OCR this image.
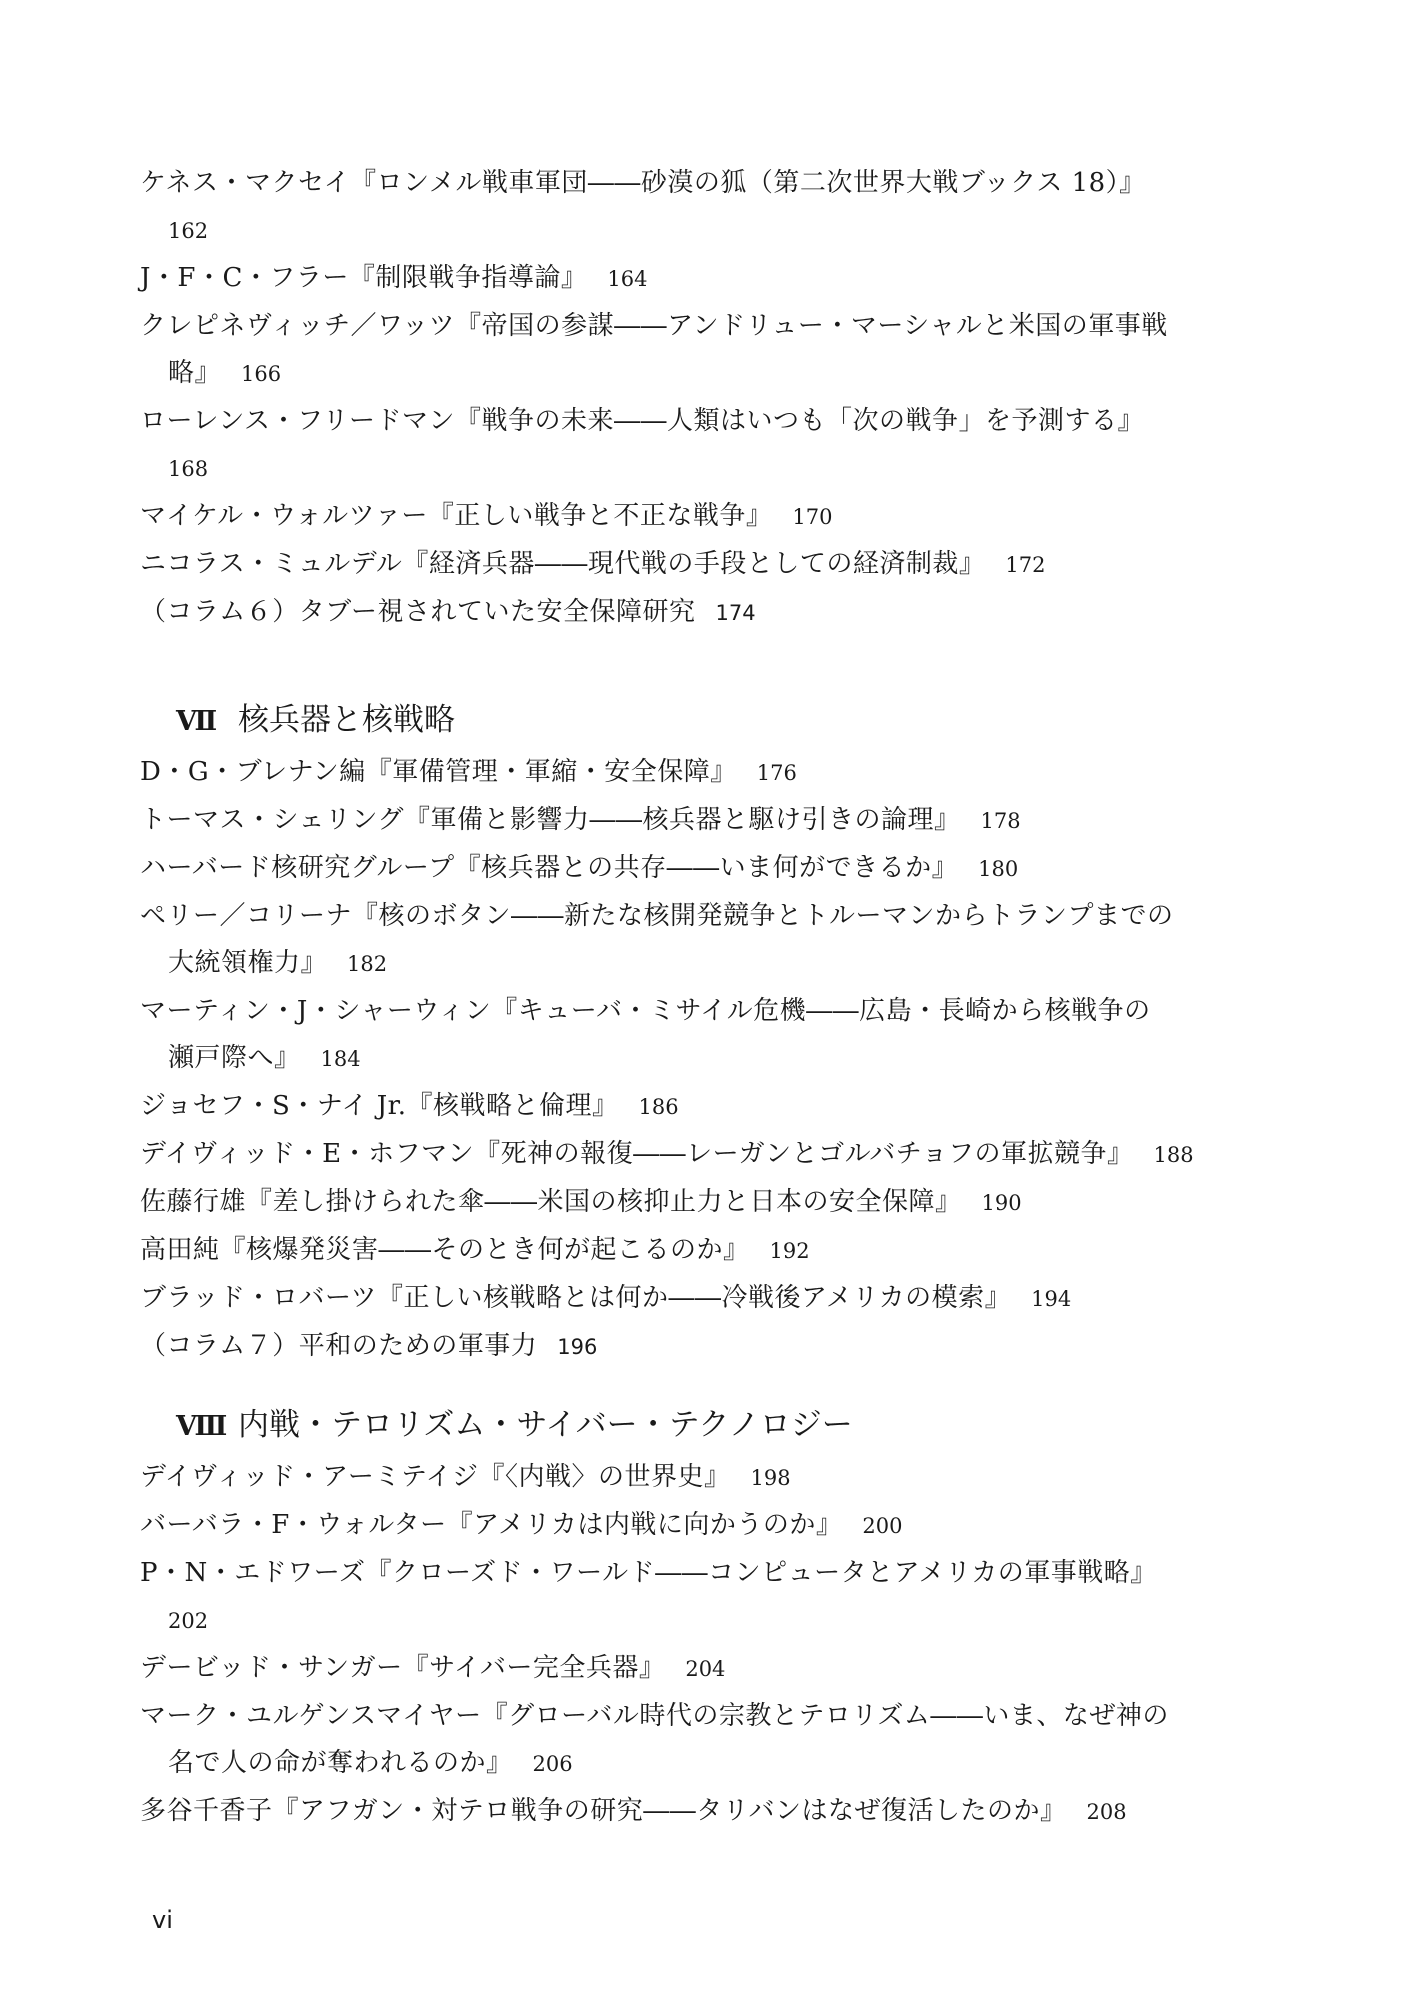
ケネス・マクセイ『ロンメル戦車軍団――砂漠の狐（第二次世界大戦ブックス 18）』
162
J・F・C・フラー『制限戦争指導論』 164
クレピネヴィッチ／ワッツ『帝国の参謀――アンドリュー・マーシャルと米国の軍事戦
略』 166
ローレンス・フリードマン『戦争の未来――人類はいつも「次の戦争」を予測する』
168
マイケル・ウォルツァー『正しい戦争と不正な戦争』 170
ニコラス・ミュルデル『経済兵器――現代戦の手段としての経済制裁』 172
（コラム６）タブー視されていた安全保障研究 174
Ⅶ 核兵器と核戦略
D・G・ブレナン編『軍備管理・軍縮・安全保障』 176
トーマス・シェリング『軍備と影響力――核兵器と駆け引きの論理』 178
ハーバード核研究グループ『核兵器との共存――いま何ができるか』 180
ペリー／コリーナ『核のボタン――新たな核開発競争とトルーマンからトランプまでの
大統領権力』 182
マーティン・J・シャーウィン『キューバ・ミサイル危機――広島・長崎から核戦争の
瀬戸際へ』 184
ジョセフ・S・ナイ Jr.『核戦略と倫理』 186
デイヴィッド・E・ホフマン『死神の報復――レーガンとゴルバチョフの軍拡競争』 188
佐藤行雄『差し掛けられた傘――米国の核抑止力と日本の安全保障』 190
高田純『核爆発災害――そのとき何が起こるのか』 192
ブラッド・ロバーツ『正しい核戦略とは何か――冷戦後アメリカの模索』 194
（コラム７）平和のための軍事力 196
Ⅷ 内戦・テロリズム・サイバー・テクノロジー
デイヴィッド・アーミテイジ『〈内戦〉の世界史』 198
バーバラ・F・ウォルター『アメリカは内戦に向かうのか』 200
P・N・エドワーズ『クローズド・ワールド――コンピュータとアメリカの軍事戦略』
202
デービッド・サンガー『サイバー完全兵器』 204
マーク・ユルゲンスマイヤー『グローバル時代の宗教とテロリズム――いま、なぜ神の
名で人の命が奪われるのか』 206
多谷千香子『アフガン・対テロ戦争の研究――タリバンはなぜ復活したのか』 208
vi
